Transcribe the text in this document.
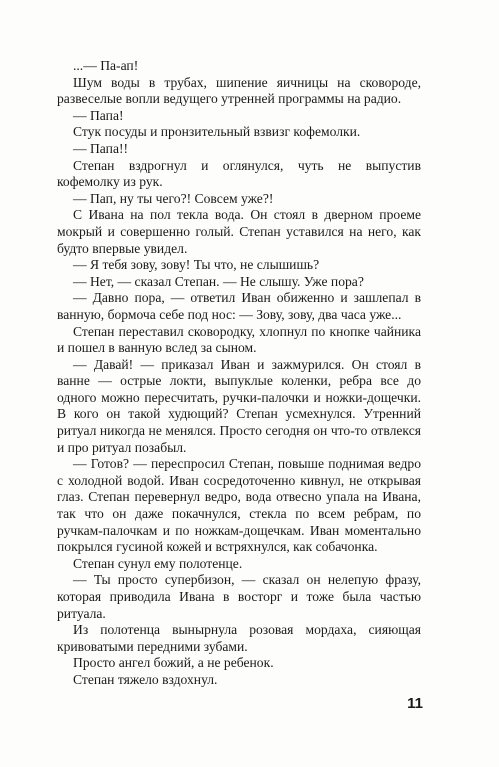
...— Па-ап!

Шум воды в трубах, шипение яичницы на сковороде, развеселые вопли ведущего утренней программы на радио.

— Папа!

Стук посуды и пронзительный взвизг кофемолки.

— Папа!!

Степан вздрогнул и оглянулся, чуть не выпустив кофемолку из рук.

— Пап, ну ты чего?! Совсем уже?!

С Ивана на пол текла вода. Он стоял в дверном проеме мокрый и совершенно голый. Степан уставился на него, как будто впервые увидел.

— Я тебя зову, зову! Ты что, не слышишь?

— Нет, — сказал Степан. — Не слышу. Уже пора?

— Давно пора, — ответил Иван обиженно и зашлепал в ванную, бормоча себе под нос: — Зову, зову, два часа уже...

Степан переставил сковородку, хлопнул по кнопке чайника и пошел в ванную вслед за сыном.

— Давай! — приказал Иван и зажмурился. Он стоял в ванне — острые локти, выпуклые коленки, ребра все до одного можно пересчитать, ручки-палочки и ножки-дощечки. В кого он такой худющий? Степан усмехнулся. Утренний ритуал никогда не менялся. Просто сегодня он что-то отвлекся и про ритуал позабыл.

— Готов? — переспросил Степан, повыше поднимая ведро с холодной водой. Иван сосредоточенно кивнул, не открывая глаз. Степан перевернул ведро, вода отвесно упала на Ивана, так что он даже покачнулся, стекла по всем ребрам, по ручкам-палочкам и по ножкам-дощечкам. Иван моментально покрылся гусиной кожей и встряхнулся, как собачонка.

Степан сунул ему полотенце.

— Ты просто супербизон, — сказал он нелепую фразу, которая приводила Ивана в восторг и тоже была частью ритуала.

Из полотенца вынырнула розовая мордаха, сияющая кривоватыми передними зубами.

Просто ангел божий, а не ребенок.

Степан тяжело вздохнул.

11
